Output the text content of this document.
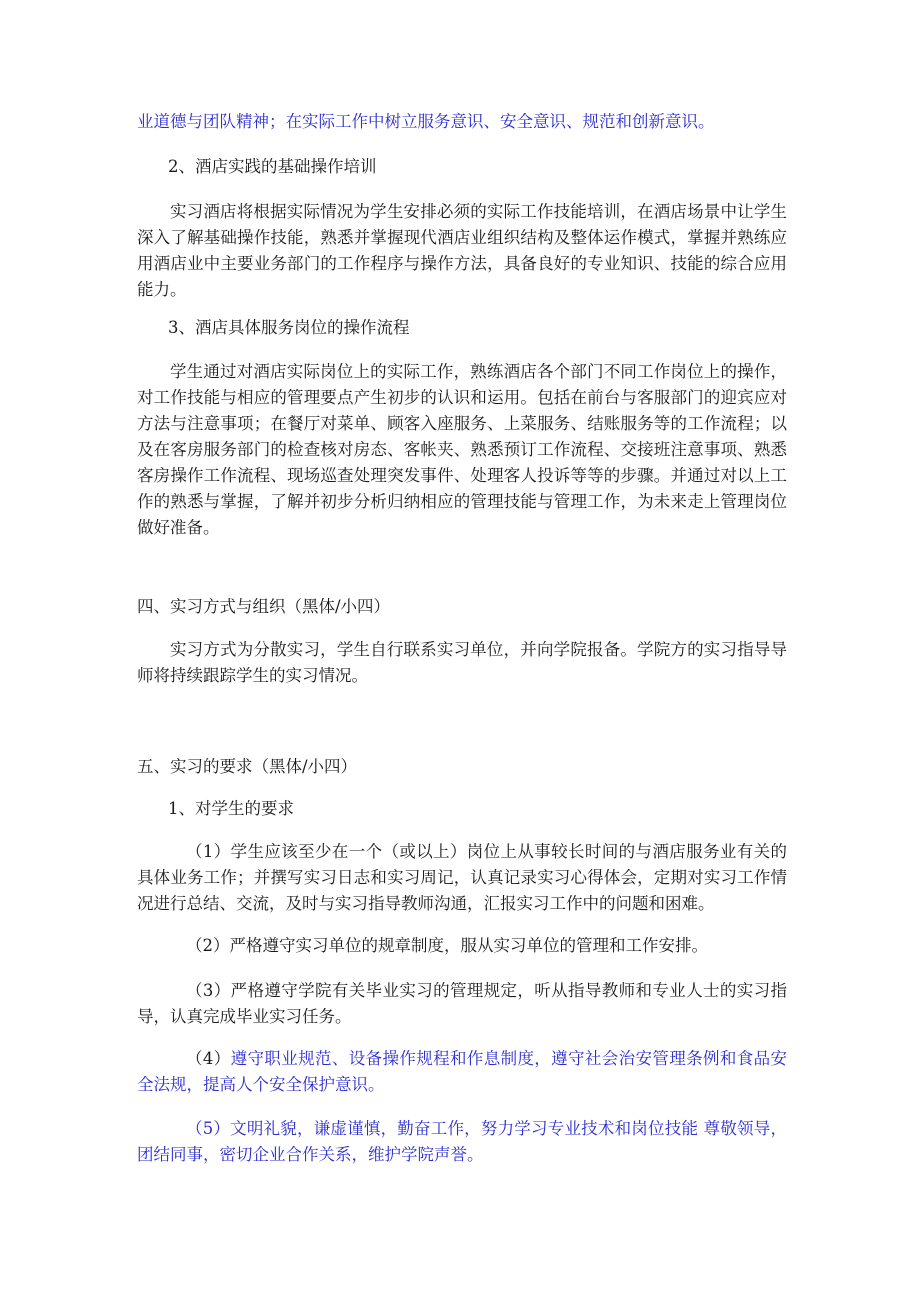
业道德与团队精神；在实际工作中树立服务意识、安全意识、规范和创新意识。
2、酒店实践的基础操作培训
实习酒店将根据实际情况为学生安排必须的实际工作技能培训，在酒店场景中让学生深入了解基础操作技能，熟悉并掌握现代酒店业组织结构及整体运作模式，掌握并熟练应用酒店业中主要业务部门的工作程序与操作方法，具备良好的专业知识、技能的综合应用能力。
3、酒店具体服务岗位的操作流程
学生通过对酒店实际岗位上的实际工作，熟练酒店各个部门不同工作岗位上的操作，对工作技能与相应的管理要点产生初步的认识和运用。包括在前台与客服部门的迎宾应对方法与注意事项；在餐厅对菜单、顾客入座服务、上菜服务、结账服务等的工作流程；以及在客房服务部门的检查核对房态、客帐夹、熟悉预订工作流程、交接班注意事项、熟悉客房操作工作流程、现场巡查处理突发事件、处理客人投诉等等的步骤。并通过对以上工作的熟悉与掌握，了解并初步分析归纳相应的管理技能与管理工作，为未来走上管理岗位做好准备。
四、实习方式与组织（黑体/小四）
实习方式为分散实习，学生自行联系实习单位，并向学院报备。学院方的实习指导导师将持续跟踪学生的实习情况。
五、实习的要求（黑体/小四）
1、对学生的要求
（1）学生应该至少在一个（或以上）岗位上从事较长时间的与酒店服务业有关的具体业务工作；并撰写实习日志和实习周记，认真记录实习心得体会，定期对实习工作情况进行总结、交流，及时与实习指导教师沟通，汇报实习工作中的问题和困难。
（2）严格遵守实习单位的规章制度，服从实习单位的管理和工作安排。
（3）严格遵守学院有关毕业实习的管理规定，听从指导教师和专业人士的实习指导，认真完成毕业实习任务。
（4）遵守职业规范、设备操作规程和作息制度，遵守社会治安管理条例和食品安全法规，提高人个安全保护意识。
（5）文明礼貌，谦虚谨慎，勤奋工作，努力学习专业技术和岗位技能 尊敬领导，团结同事，密切企业合作关系，维护学院声誉。
